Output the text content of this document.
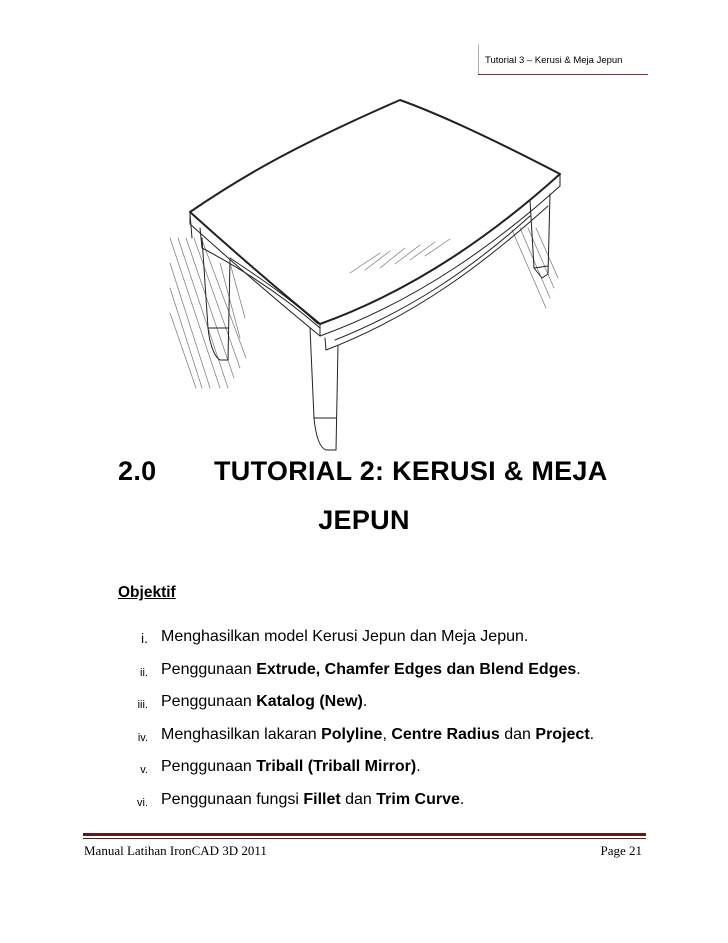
Tutorial 3 – Kerusi & Meja Jepun
2.0 TUTORIAL 2: KERUSI & MEJA
JEPUN
Objektif
i. Menghasilkan model Kerusi Jepun dan Meja Jepun.
ii. Penggunaan Extrude, Chamfer Edges dan Blend Edges.
iii. Penggunaan Katalog (New).
iv. Menghasilkan lakaran Polyline, Centre Radius dan Project.
v. Penggunaan Triball (Triball Mirror).
vi. Penggunaan fungsi Fillet dan Trim Curve.
Manual Latihan IronCAD 3D 2011	Page 21
